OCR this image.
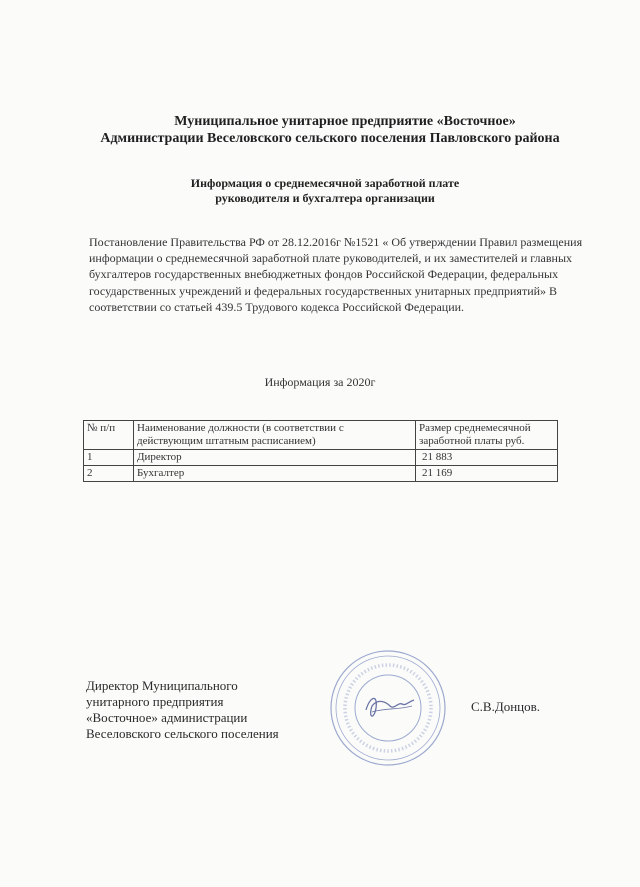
Муниципальное унитарное предприятие «Восточное»
Администрации Веселовского сельского поселения Павловского района
Информация о среднемесячной заработной плате
руководителя и бухгалтера организации
Постановление Правительства РФ от 28.12.2016г №1521 « Об утверждении Правил размещения информации о среднемесячной заработной плате руководителей, и их заместителей и главных бухгалтеров государственных внебюджетных фондов Российской Федерации, федеральных государственных учреждений и федеральных государственных унитарных предприятий» В соответствии со статьей 439.5 Трудового кодекса Российской Федерации.
Информация за 2020г
№ п/п	Наименование должности (в соответствии с действующим штатным расписанием)	Размер среднемесячной заработной платы руб.
1	Директор	21 883
2	Бухгалтер	21 169
Директор Муниципального
унитарного предприятия
«Восточное» администрации
Веселовского сельского поселения
С.В.Донцов.
